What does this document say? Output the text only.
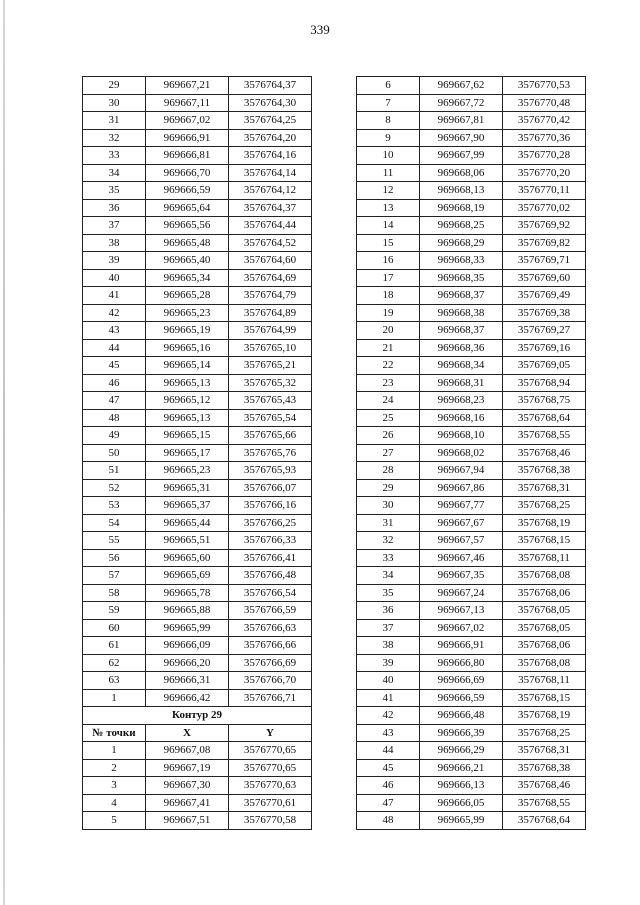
339
29	969667,21	3576764,37
30	969667,11	3576764,30
31	969667,02	3576764,25
32	969666,91	3576764,20
33	969666,81	3576764,16
34	969666,70	3576764,14
35	969666,59	3576764,12
36	969665,64	3576764,37
37	969665,56	3576764,44
38	969665,48	3576764,52
39	969665,40	3576764,60
40	969665,34	3576764,69
41	969665,28	3576764,79
42	969665,23	3576764,89
43	969665,19	3576764,99
44	969665,16	3576765,10
45	969665,14	3576765,21
46	969665,13	3576765,32
47	969665,12	3576765,43
48	969665,13	3576765,54
49	969665,15	3576765,66
50	969665,17	3576765,76
51	969665,23	3576765,93
52	969665,31	3576766,07
53	969665,37	3576766,16
54	969665,44	3576766,25
55	969665,51	3576766,33
56	969665,60	3576766,41
57	969665,69	3576766,48
58	969665,78	3576766,54
59	969665,88	3576766,59
60	969665,99	3576766,63
61	969666,09	3576766,66
62	969666,20	3576766,69
63	969666,31	3576766,70
1	969666,42	3576766,71
Контур 29		
№ точки	X	Y
1	969667,08	3576770,65
2	969667,19	3576770,65
3	969667,30	3576770,63
4	969667,41	3576770,61
5	969667,51	3576770,58
6	969667,62	3576770,53
7	969667,72	3576770,48
8	969667,81	3576770,42
9	969667,90	3576770,36
10	969667,99	3576770,28
11	969668,06	3576770,20
12	969668,13	3576770,11
13	969668,19	3576770,02
14	969668,25	3576769,92
15	969668,29	3576769,82
16	969668,33	3576769,71
17	969668,35	3576769,60
18	969668,37	3576769,49
19	969668,38	3576769,38
20	969668,37	3576769,27
21	969668,36	3576769,16
22	969668,34	3576769,05
23	969668,31	3576768,94
24	969668,23	3576768,75
25	969668,16	3576768,64
26	969668,10	3576768,55
27	969668,02	3576768,46
28	969667,94	3576768,38
29	969667,86	3576768,31
30	969667,77	3576768,25
31	969667,67	3576768,19
32	969667,57	3576768,15
33	969667,46	3576768,11
34	969667,35	3576768,08
35	969667,24	3576768,06
36	969667,13	3576768,05
37	969667,02	3576768,05
38	969666,91	3576768,06
39	969666,80	3576768,08
40	969666,69	3576768,11
41	969666,59	3576768,15
42	969666,48	3576768,19
43	969666,39	3576768,25
44	969666,29	3576768,31
45	969666,21	3576768,38
46	969666,13	3576768,46
47	969666,05	3576768,55
48	969665,99	3576768,64
